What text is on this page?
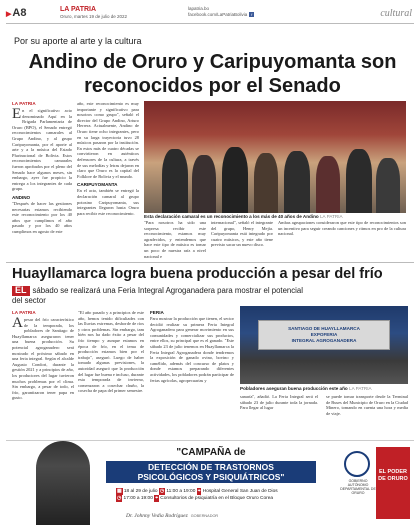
▶A8	LA PATRIA
Oruro, martes 19 de julio de 2022
lapatria.bo
facebook.com/LaPatriaBolivia f	cultural
Por su aporte al arte y la cultura
Andino de Oruro y Caripuyomanta son reconocidos por el Senado
LA PATRIA
E n el significativo acto denominado Aquí en la Brigada Parlamentaria de Oruro (BPO), el Senado entregó reconocimientos camarales al Grupo Andino, y al grupo Caripuyomanta, por el aporte al arte y a la música del Estado Plurinacional de Bolivia. Estos reconocimientos camarales fueron aprobados por el pleno del Senado hace algunos meses, sin embargo, ayer fue propicio la entrega a los integrantes de cada grupo.
ANDINO
"Después de hacer las gestiones necesarias estamos recibiendo este reconocimiento por los 40 años que cumplimos el año pasado y por los 40 años cumplimos en agosto de este
año, este reconocimiento es muy importante y significativo para nosotros como grupo", señaló el director del Grupo Andino, Arturo Herrera. Actualmente, Andino de Oruro tiene ocho integrantes, pero en su larga trayectoria tuvo 28 músicos pasaron por la institución. En estos más de cuatro décadas se convirtieron en auténticos defensores de la cultura, a través de sus melodías y letras dejaron en claro que Oruro es la capital del Folklore de Bolivia y el mundo.
CARIPUYOMANTA
En el acto, también se entregó la declaración camaral al grupo potosino Caripuyomanta, sus integrantes llegaron hasta Oruro para recibir este reconocimiento.
Esta declaración camaral es un reconocimiento a los más de 40 años de Andino LA PATRIA
"Para nosotros ha sido una sorpresa recibir este reconocimiento, estamos muy agradecidos, y entendemos que hace este tipo de música es tomar un poco de nuestra raíz a nivel nacional e
internacional", señaló el integrante del grupo, Henry Mejía. Caripuyomanta está integrado por cuatro músicos, y este año tiene previsto sacar un nuevo disco.
Ambas agrupaciones consideraron que este tipo de reconocimientos son un incentivo para seguir creando canciones y ritmos en pro de la cultura nacional.
Huayllamarca logra buena producción a pesar del frío
EL sábado se realizará una Feria Integral Agroganadera para mostrar el potencial del sector
LA PATRIA
A pesar del frío característico de la temporada, los pobladores de Santiago de Huayllamarca aseguraron tener una buena producción. Su potencial agroganadero será mostrado el próximo sábado en una feria integral. Según el alcalde Augusto Condori, durante la gestión 2021 y a principios de año, los productores del lugar tuvieron muchos problemas por el clima. Sin embargo, a pesar de todo, el frío, garantizaron tener papa en gusto.
"El año pasado y a principios de este año, hemos tenido dificultades con las lluvias extremas, desborde de ríos y otros problemas. Sin embargo, tam bién nos ha dado éxito a pesar del frío tiempo y aunque estamos en época de frío, en el tema de producción estamos bien por el trabajo", aseguró. Luego de haber tomado algunas previsiones, la autoridad aseguró que la producción del lugar fue buena e incluso, durante esta temporada de invierno, comenzaron a cosechar chuño, la cosecha de papa del primer semestre.
FERIA
Para mostrar la producción que tienen, el sector decidió realizar su primera Feria Integral Agroganadera para generar movimiento en sus comunidades y comercializar sus productos, entre ellos, su principal que es el ganado. "Este sábado 23 de julio tenemos en Huayllamarca la Feria Integral Agroganadera donde tendremos la exposición de ganado ovino, bovino y camélido, además del concurso de platos y donde estamos preparando diferentes actividades, los pobladores podrán participar de ferias agrícolas, agropecuarias y
SANTIAGO DE HUAYLLAMARCA
EXPOFERIA
INTEGRAL AGROGANADERA
Pobladores aseguran buena producción este año LA PATRIA
sanaría", añadió. La Feria Integral será el sábado 23 de julio durante toda la jornada. Para llegar al lugar
se puede tomar transporte desde la Terminal de Buses del Municipio de Oruro en la Ciudad Minero, tomando en cuenta una hora y media de viaje.
"CAMPAÑA de
DETECCIÓN DE TRASTORNOS
PSICOLÓGICOS Y PSIQUIÁTRICOS"
▦ 18 al 29 de julio ◷ 11:00 a 19:00 ⌖ Hospital General San Juan de Dios
◷ 17:00 a 19:00 ⌖ Consultorios de psiquiatría en el Bloque Oruro Corea
Dr. Johnny Vedia Rodríguez GOBERNADOR
GOBIERNO AUTÓNOMO DEPARTAMENTAL DE ORURO
EL PODER DE ORURO
